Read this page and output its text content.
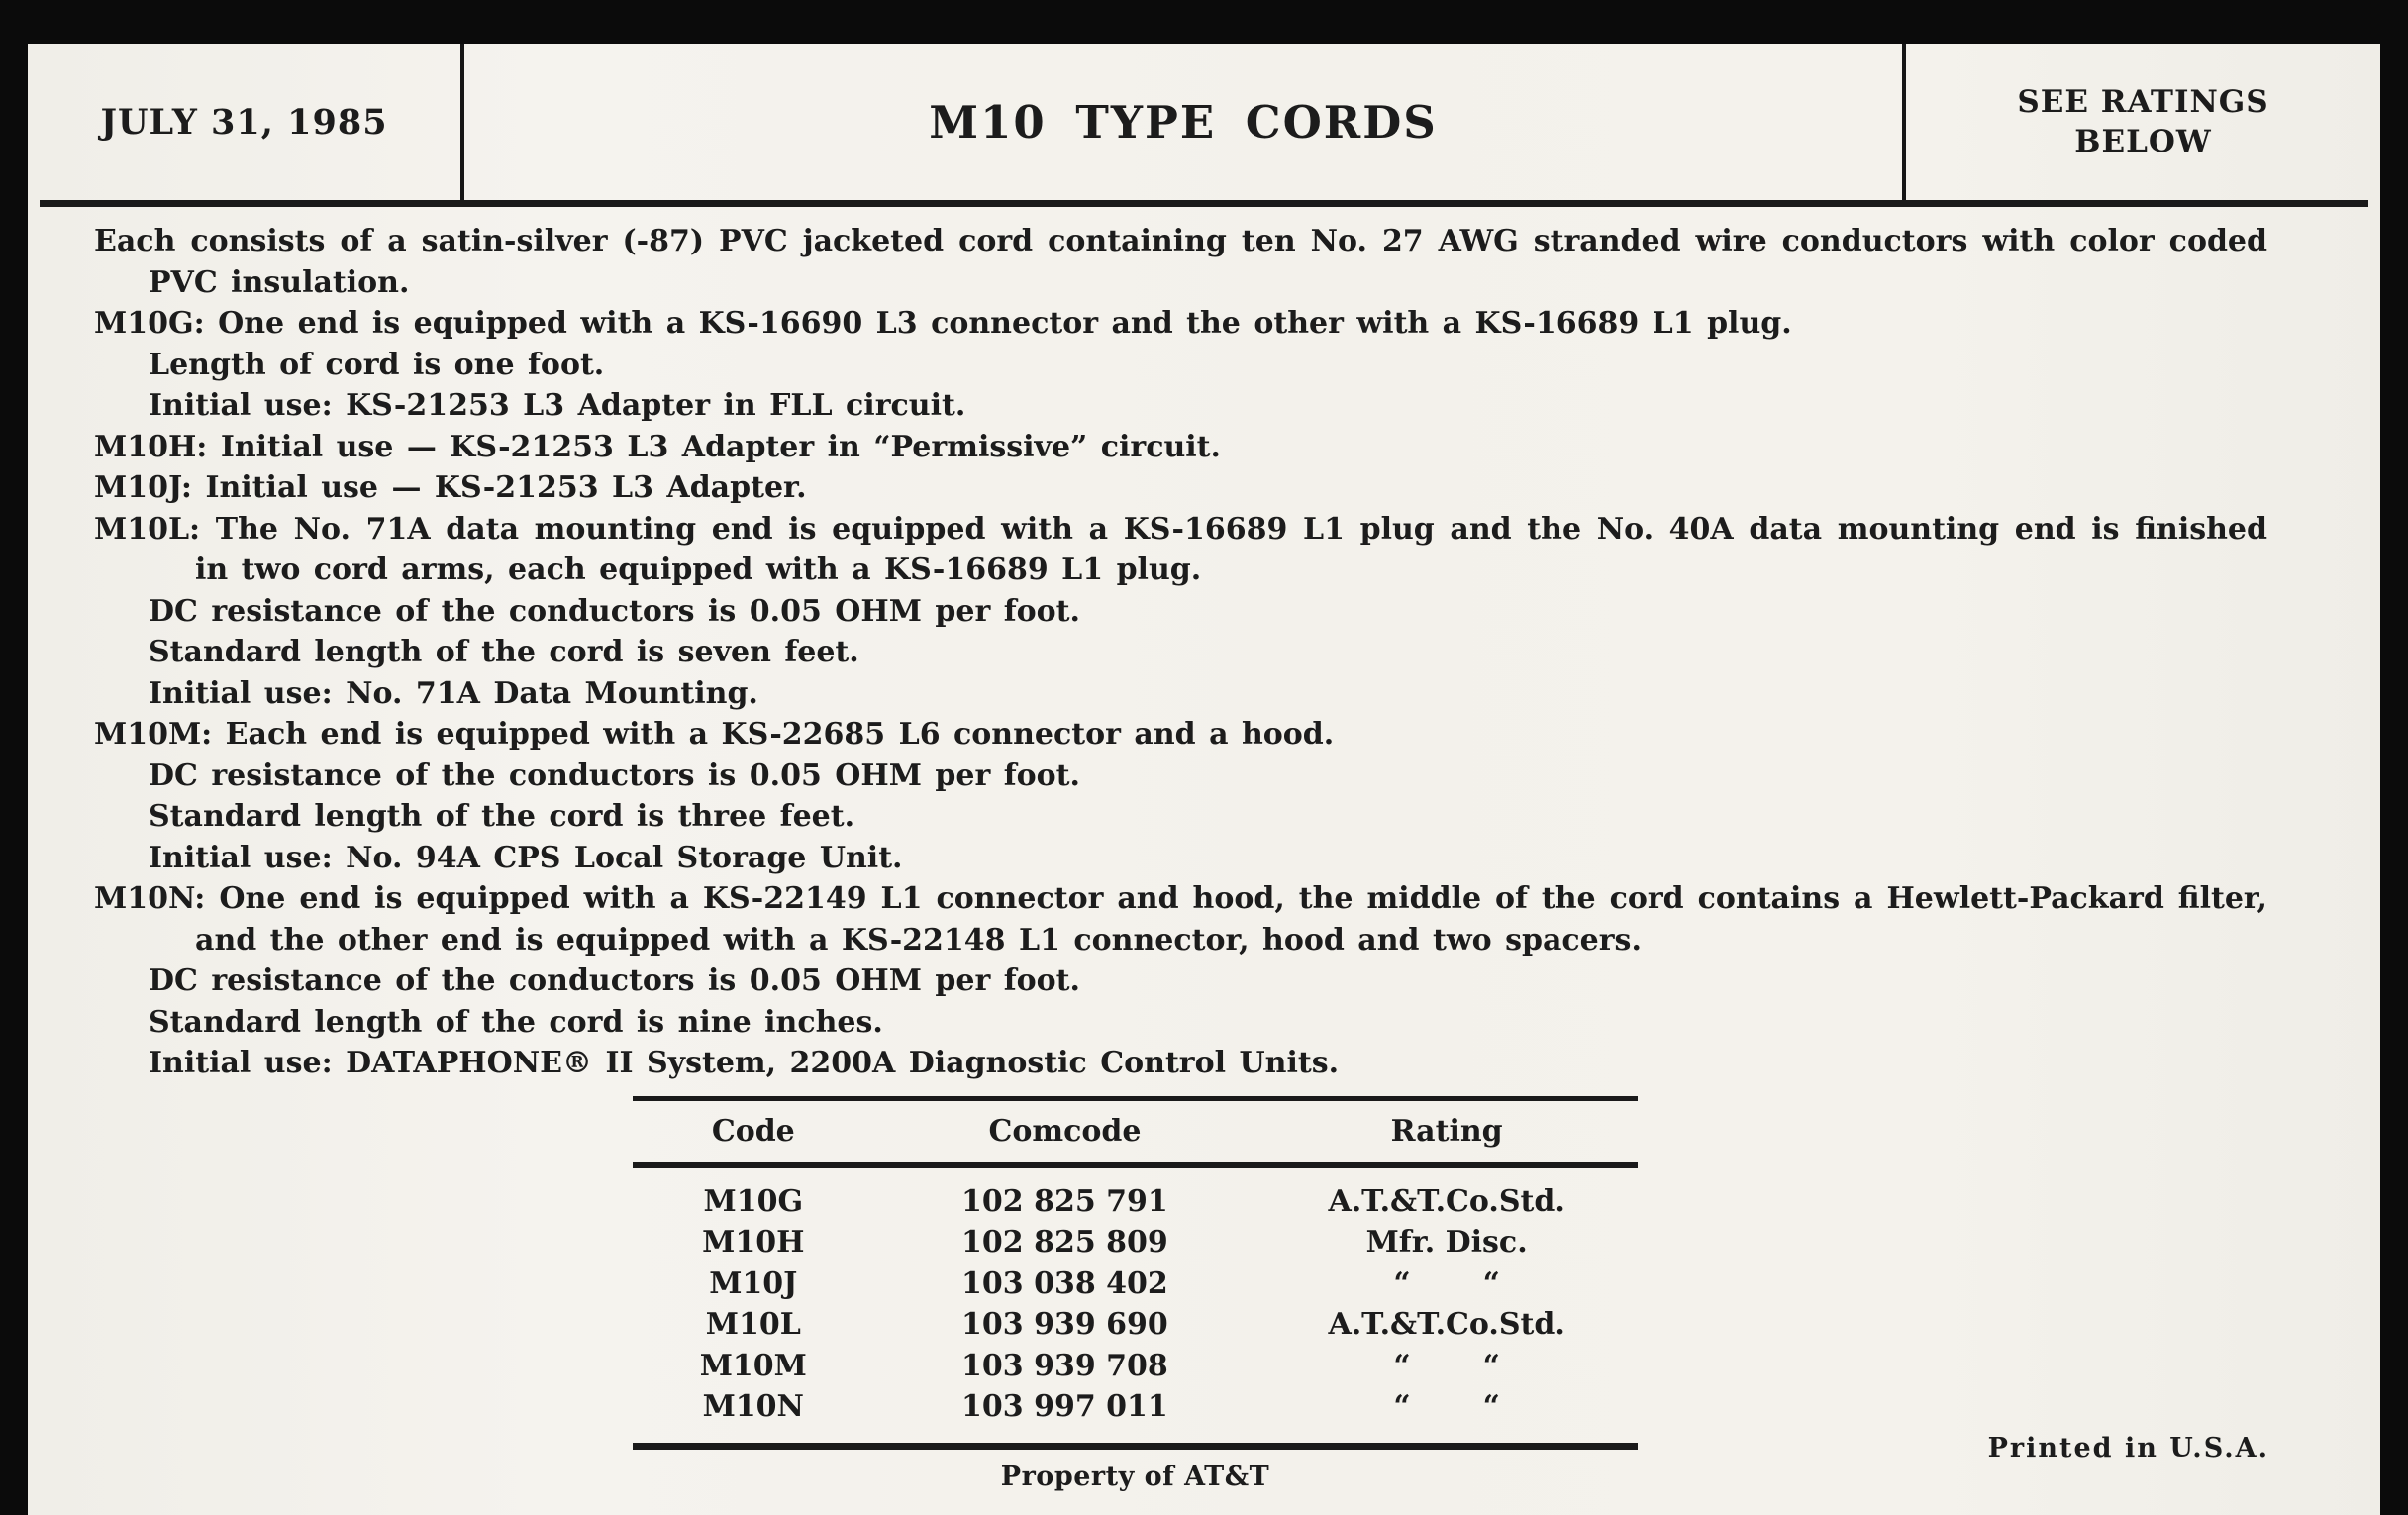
JULY 31, 1985	M10 TYPE CORDS	SEE RATINGS
BELOW
Each consists of a satin-silver (-87) PVC jacketed cord containing ten No. 27 AWG stranded wire conductors with color coded
PVC insulation.
M10G: One end is equipped with a KS-16690 L3 connector and the other with a KS-16689 L1 plug.
Length of cord is one foot.
Initial use: KS-21253 L3 Adapter in FLL circuit.
M10H: Initial use — KS-21253 L3 Adapter in “Permissive” circuit.
M10J: Initial use — KS-21253 L3 Adapter.
M10L: The No. 71A data mounting end is equipped with a KS-16689 L1 plug and the No. 40A data mounting end is finished
in two cord arms, each equipped with a KS-16689 L1 plug.
DC resistance of the conductors is 0.05 OHM per foot.
Standard length of the cord is seven feet.
Initial use: No. 71A Data Mounting.
M10M: Each end is equipped with a KS-22685 L6 connector and a hood.
DC resistance of the conductors is 0.05 OHM per foot.
Standard length of the cord is three feet.
Initial use: No. 94A CPS Local Storage Unit.
M10N: One end is equipped with a KS-22149 L1 connector and hood, the middle of the cord contains a Hewlett-Packard filter,
and the other end is equipped with a KS-22148 L1 connector, hood and two spacers.
DC resistance of the conductors is 0.05 OHM per foot.
Standard length of the cord is nine inches.
Initial use: DATAPHONE® II System, 2200A Diagnostic Control Units.
Code	Comcode	Rating
M10G	102 825 791	A.T.&T.Co.Std.
M10H	102 825 809	Mfr. Disc.
M10J	103 038 402	“       “
M10L	103 939 690	A.T.&T.Co.Std.
M10M	103 939 708	“       “
M10N	103 997 011	“       “
Property of AT&T
Printed in U.S.A.
